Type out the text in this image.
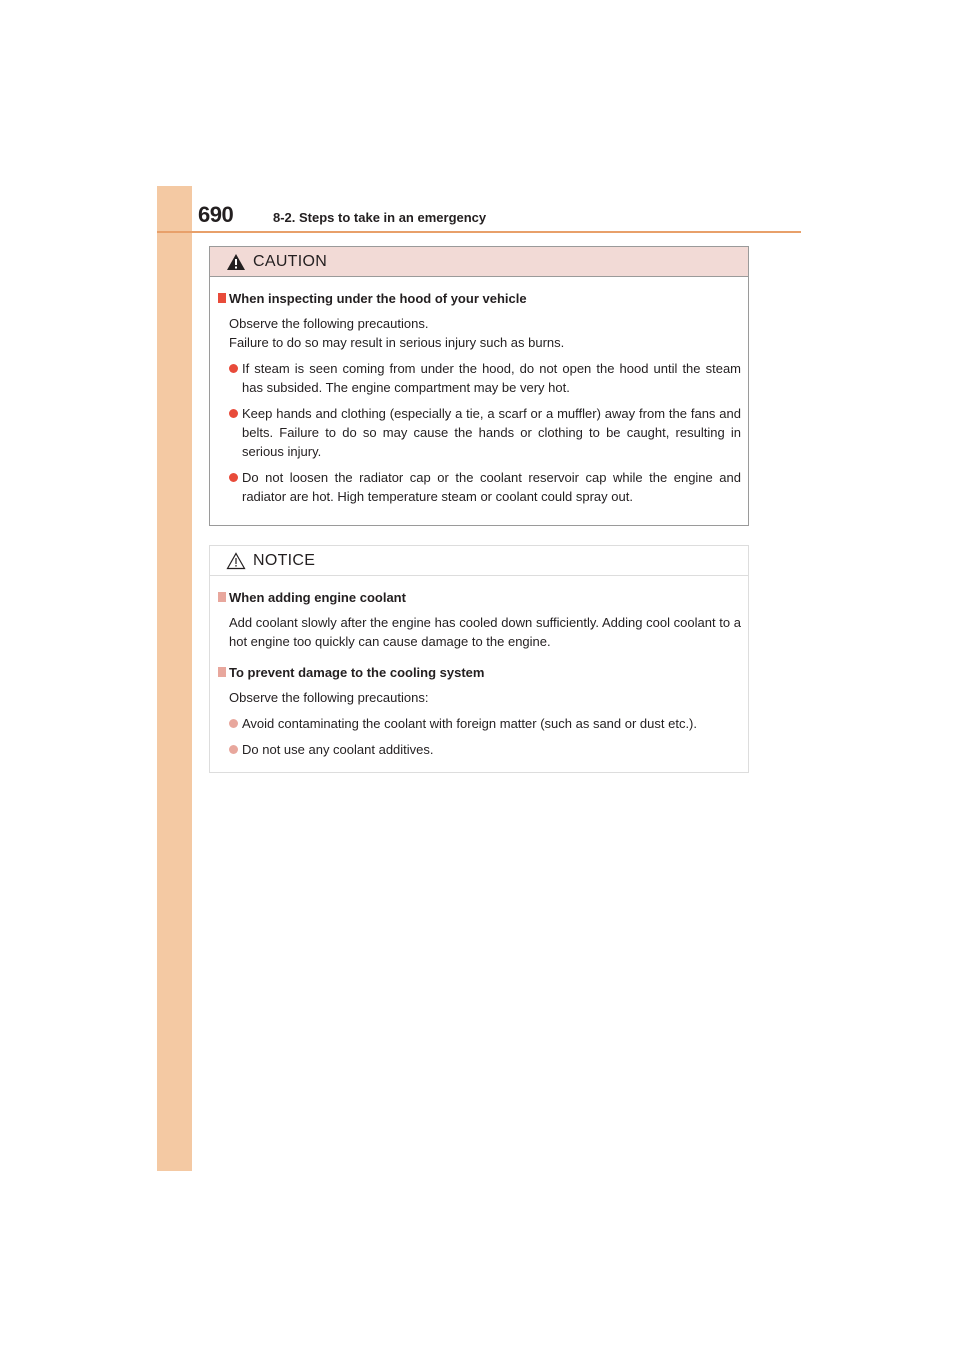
690	8-2. Steps to take in an emergency
CAUTION
When inspecting under the hood of your vehicle
Observe the following precautions.
Failure to do so may result in serious injury such as burns.
If steam is seen coming from under the hood, do not open the hood until the steam has subsided. The engine compartment may be very hot.
Keep hands and clothing (especially a tie, a scarf or a muffler) away from the fans and belts. Failure to do so may cause the hands or clothing to be caught, resulting in serious injury.
Do not loosen the radiator cap or the coolant reservoir cap while the engine and radiator are hot. High temperature steam or coolant could spray out.
NOTICE
When adding engine coolant
Add coolant slowly after the engine has cooled down sufficiently. Adding cool coolant to a hot engine too quickly can cause damage to the engine.
To prevent damage to the cooling system
Observe the following precautions:
Avoid contaminating the coolant with foreign matter (such as sand or dust etc.).
Do not use any coolant additives.
